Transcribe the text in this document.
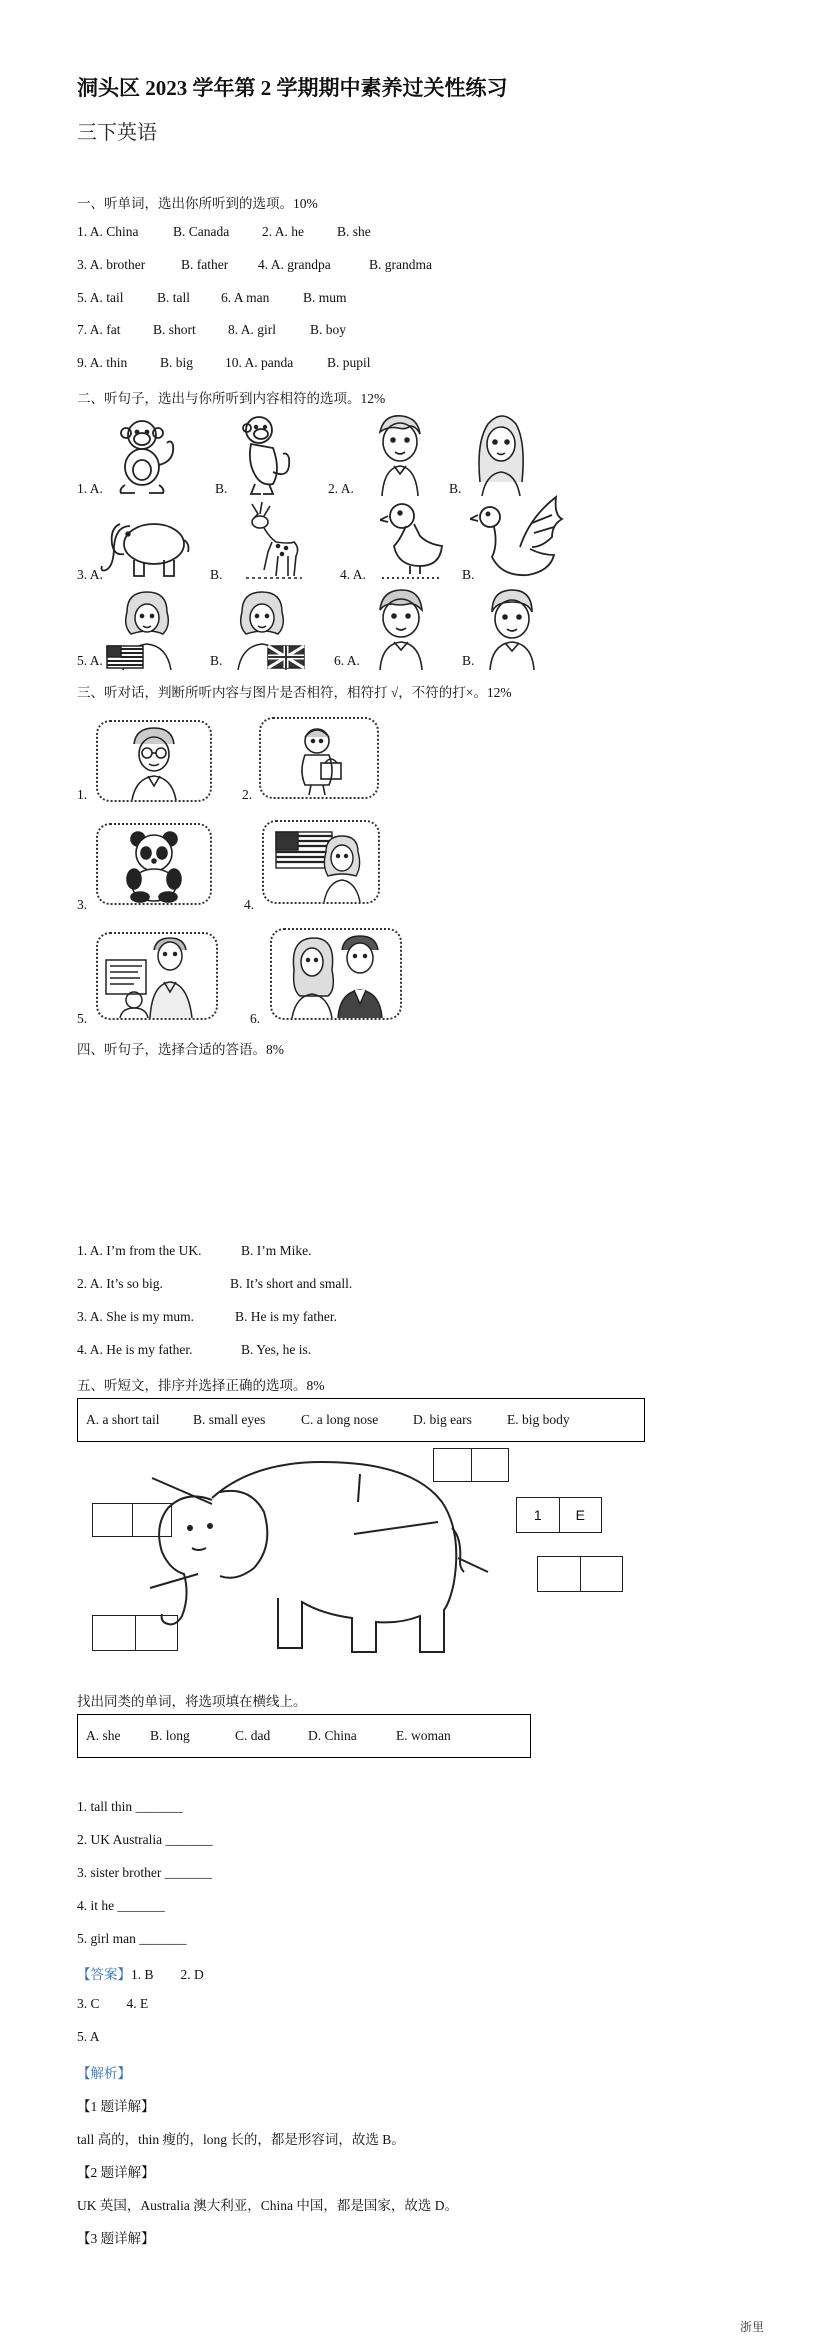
洞头区 2023 学年第 2 学期期中素养过关性练习
三下英语
一、听单词，选出你所听到的选项。10%
1. A. China	B. Canada 2. A. he B. she
3. A. brother	B. father 4. A. grandpa	B. grandma
5. A. tail B. tall 6. A man B. mum
7. A. fat B. short 8. A. girl	B. boy
9. A. thin B. big 10. A. panda	B. pupil
二、听句子，选出与你所听到内容相符的选项。12%
1. A.	B.	2. A.	B.
3. A.	B.	4. A.	B.
5. A.	B.	6. A.	B.
三、听对话，判断所听内容与图片是否相符，相符打 √，不符的打×。12%
1.	2.
3.	4.
5.	6.
四、听句子，选择合适的答语。8%
1. A. I’m from the UK.	B. I’m Mike.
2. A. It’s so big.	B. It’s short and small.
3. A. She is my mum.	B. He is my father.
4. A. He is my father.	B. Yes, he is.
五、听短文，排序并选择正确的选项。8%
A. a short tail B. small eyes	C. a long nose	D. big ears	E. big body
1	E
找出同类的单词，将选项填在横线上。
A. she B. long	C. dad	D. China	E. woman
1. tall thin _______
2. UK Australia _______
3. sister brother _______
4. it he _______
5. girl man _______
【答案】1. B        2. D
3. C        4. E
5. A
【解析】
【1 题详解】
tall 高的，thin 瘦的，long 长的，都是形容词，故选 B。
【2 题详解】
UK 英国，Australia 澳大利亚，China 中国，都是国家，故选 D。
【3 题详解】
浙里
